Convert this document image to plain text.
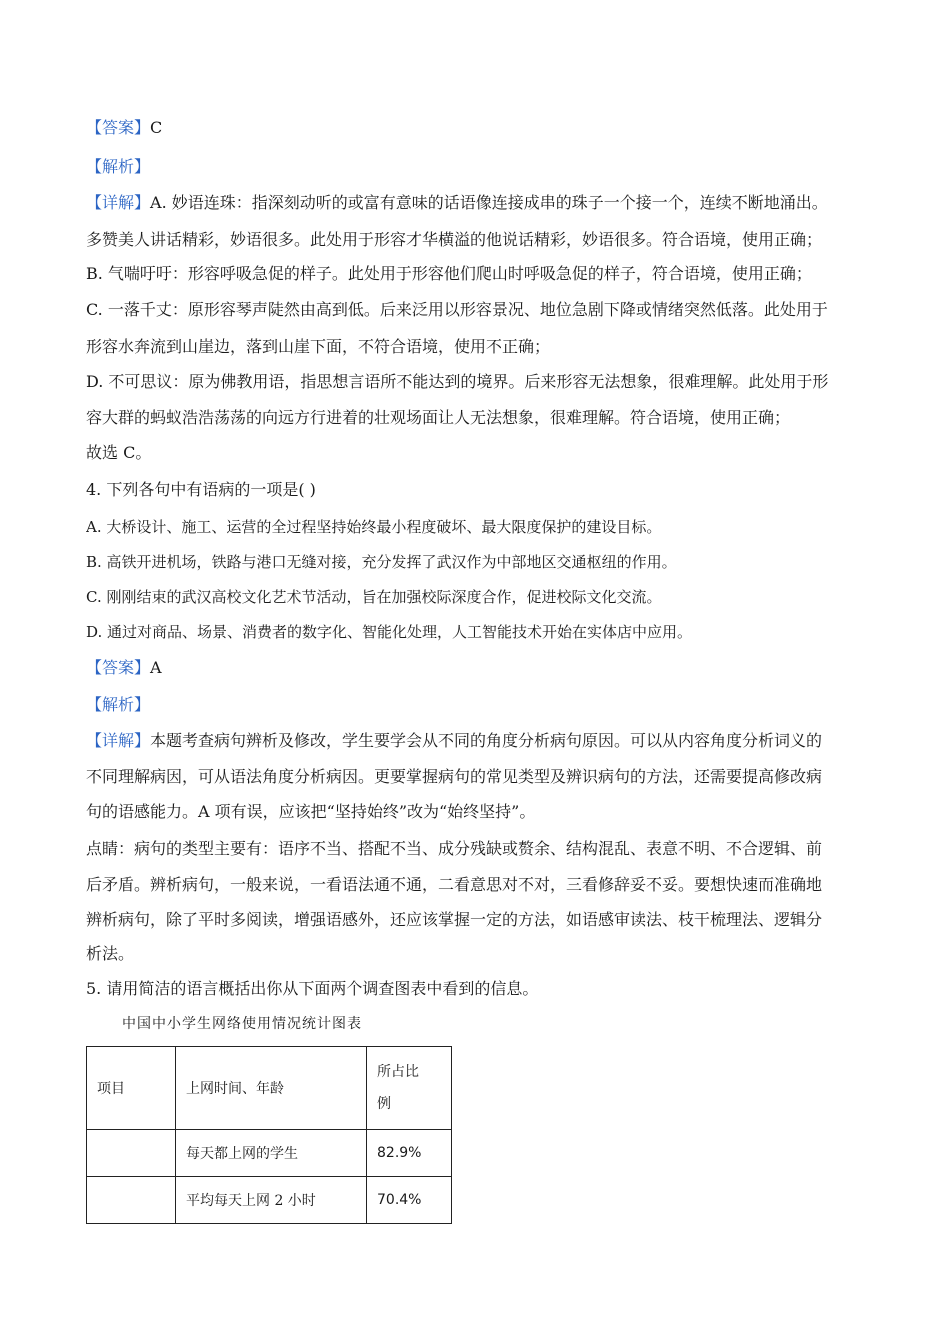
【答案】C
【解析】
【详解】A. 妙语连珠：指深刻动听的或富有意味的话语像连接成串的珠子一个接一个，连续不断地涌出。
多赞美人讲话精彩，妙语很多。此处用于形容才华横溢的他说话精彩，妙语很多。符合语境，使用正确；
B. 气喘吁吁：形容呼吸急促的样子。此处用于形容他们爬山时呼吸急促的样子，符合语境，使用正确；
C. 一落千丈：原形容琴声陡然由高到低。后来泛用以形容景况、地位急剧下降或情绪突然低落。此处用于
形容水奔流到山崖边，落到山崖下面，不符合语境，使用不正确；
D. 不可思议：原为佛教用语，指思想言语所不能达到的境界。后来形容无法想象，很难理解。此处用于形
容大群的蚂蚁浩浩荡荡的向远方行进着的壮观场面让人无法想象，很难理解。符合语境，使用正确；
故选 C。
4. 下列各句中有语病的一项是( )
A. 大桥设计、施工、运营的全过程坚持始终最小程度破坏、最大限度保护的建设目标。
B. 高铁开进机场，铁路与港口无缝对接，充分发挥了武汉作为中部地区交通枢纽的作用。
C. 刚刚结束的武汉高校文化艺术节活动，旨在加强校际深度合作，促进校际文化交流。
D. 通过对商品、场景、消费者的数字化、智能化处理，人工智能技术开始在实体店中应用。
【答案】A
【解析】
【详解】本题考查病句辨析及修改，学生要学会从不同的角度分析病句原因。可以从内容角度分析词义的
不同理解病因，可从语法角度分析病因。更要掌握病句的常见类型及辨识病句的方法，还需要提高修改病
句的语感能力。A 项有误，应该把“坚持始终”改为“始终坚持”。
点睛：病句的类型主要有：语序不当、搭配不当、成分残缺或赘余、结构混乱、表意不明、不合逻辑、前
后矛盾。辨析病句，一般来说，一看语法通不通，二看意思对不对，三看修辞妥不妥。要想快速而准确地
辨析病句，除了平时多阅读，增强语感外，还应该掌握一定的方法，如语感审读法、枝干梳理法、逻辑分
析法。
5. 请用简洁的语言概括出你从下面两个调查图表中看到的信息。
中国中小学生网络使用情况统计图表
项目	上网时间、年龄	所占比
例

	每天都上网的学生	82.9%
	平均每天上网 2 小时	70.4%
